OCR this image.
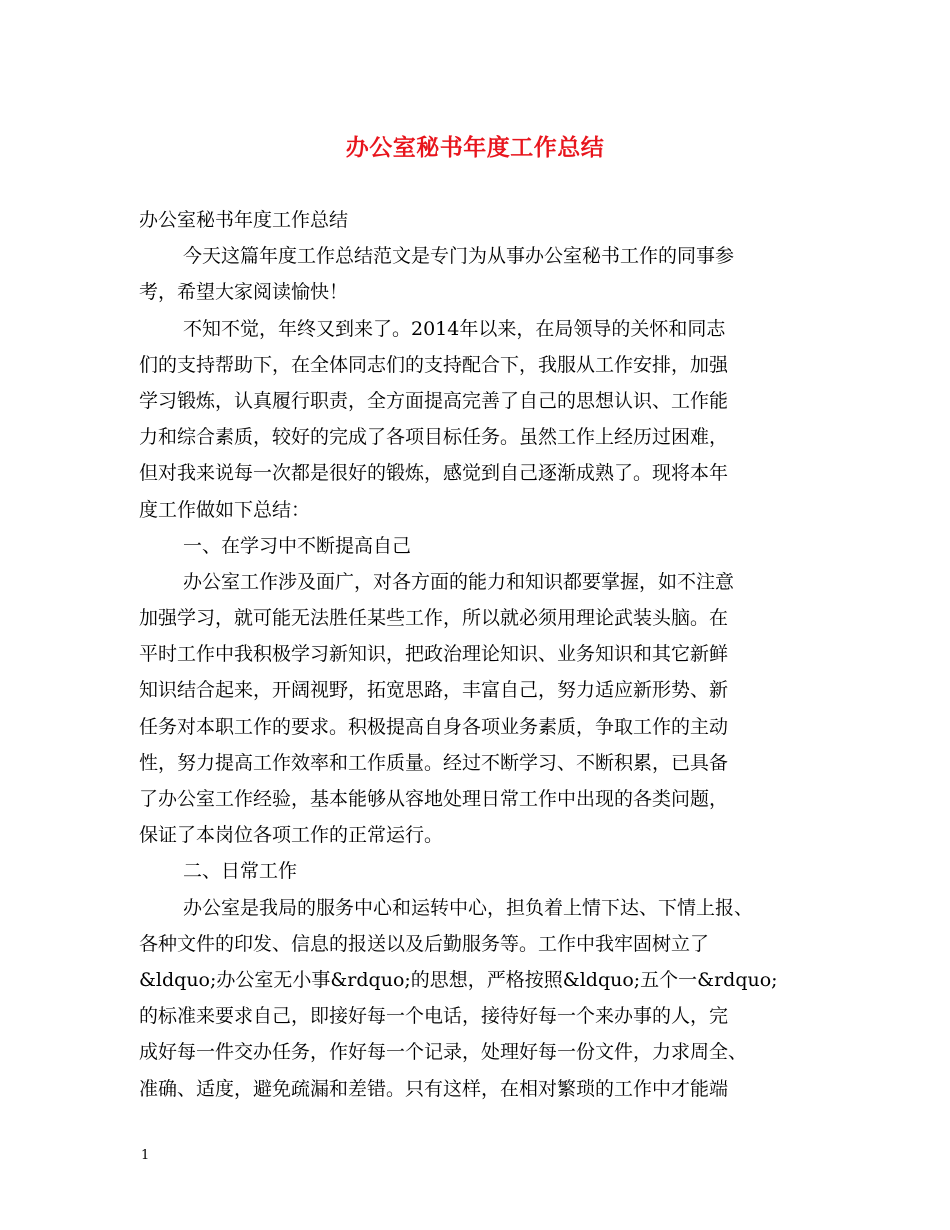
办公室秘书年度工作总结
办公室秘书年度工作总结
今天这篇年度工作总结范文是专门为从事办公室秘书工作的同事参
考，希望大家阅读愉快！
不知不觉，年终又到来了。2014年以来，在局领导的关怀和同志
们的支持帮助下，在全体同志们的支持配合下，我服从工作安排，加强
学习锻炼，认真履行职责，全方面提高完善了自己的思想认识、工作能
力和综合素质，较好的完成了各项目标任务。虽然工作上经历过困难，
但对我来说每一次都是很好的锻炼，感觉到自己逐渐成熟了。现将本年
度工作做如下总结：
一、在学习中不断提高自己
办公室工作涉及面广，对各方面的能力和知识都要掌握，如不注意
加强学习，就可能无法胜任某些工作，所以就必须用理论武装头脑。在
平时工作中我积极学习新知识，把政治理论知识、业务知识和其它新鲜
知识结合起来，开阔视野，拓宽思路，丰富自己，努力适应新形势、新
任务对本职工作的要求。积极提高自身各项业务素质，争取工作的主动
性，努力提高工作效率和工作质量。经过不断学习、不断积累，已具备
了办公室工作经验，基本能够从容地处理日常工作中出现的各类问题，
保证了本岗位各项工作的正常运行。
二、日常工作
办公室是我局的服务中心和运转中心，担负着上情下达、下情上报、
各种文件的印发、信息的报送以及后勤服务等。工作中我牢固树立了
&ldquo;办公室无小事&rdquo;的思想，严格按照&ldquo;五个一&rdquo;
的标准来要求自己，即接好每一个电话，接待好每一个来办事的人，完
成好每一件交办任务，作好每一个记录，处理好每一份文件，力求周全、
准确、适度，避免疏漏和差错。只有这样，在相对繁琐的工作中才能端
1
